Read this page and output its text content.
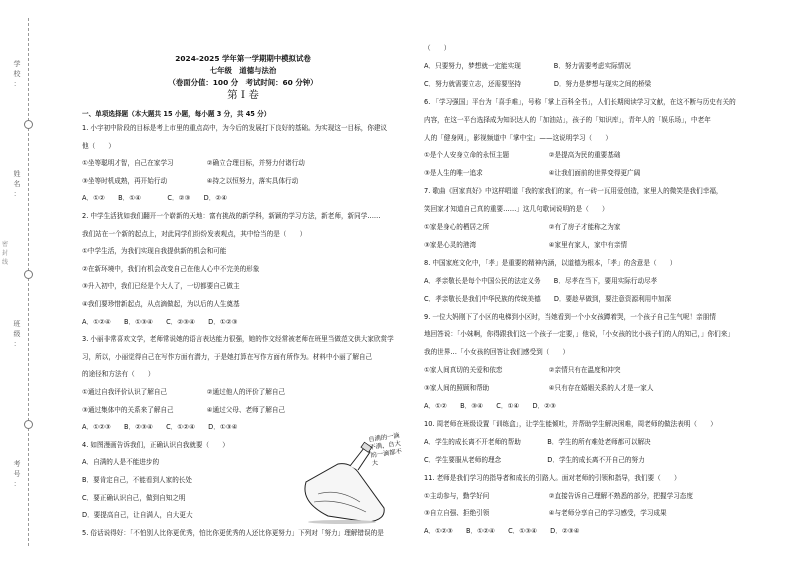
学
校
：
姓
名
：
班
级
：
考
号
：
密 封 线
2024-2025 学年第一学期期中模拟试卷
七年级　道德与法治
（卷面分值：100 分　考试时间：60 分钟）
第 I 卷
一、单项选择题（本大题共 15 小题，每小题 3 分，共 45 分）
1. 小宇初中阶段的目标是考上市里的重点高中，为今后的发展打下良好的基础。为实现这一目标，你建议
他（　　）
①坐等聪明才智，自己在家学习　　　　　②确立合理目标，并努力付诸行动
③坐等时机成熟，再开始行动　　　　　　④持之以恒努力，落实具体行动
A．①②　　B．①④　　　　C．②③　　D．②④
2. 中学生活犹如我们翻开一个崭新的天地：富有挑战的新学科，新颖的学习方法，新老师，新同学……
我们站在一个新的起点上，对此同学们纷纷发表观点，其中恰当的是（　　）
①中学生活，为我们实现自我提供新的机会和可能
②在新环境中，我们有机会改变自己在他人心中不完美的形象
③升入初中，我们已经是个大人了，一切都要自己做主
④我们要珍惜新起点，从点滴做起，为以后的人生奠基
A．①②④　　B．①③④　　C．②③④　　D．①②③
3. 小丽非常喜欢文学，老师常说她的语言表达能力很强，她的作文经常被老师在班里当做范文供大家欣赏学
习，所以，小丽觉得自己在写作方面有潜力，于是她打算在写作方面有所作为。材料中小丽了解自己
的途径和方法有（　　）
①通过自我评价认识了解自己　　　　　　②通过他人的评价了解自己
③通过集体中的关系来了解自己　　　　　④通过父母、老师了解自己
A．①②③　　B．②③④　　C．①②④　　D．①③④
4. 如图漫画告诉我们，正确认识自我就要（　　）
A．自满的人是不能进步的
B．要肯定自己，不能看到人家的长处
C．要正确认识自己，做到自知之明
D．要提高自己，让自满人，自大更大
5. 俗话说得好：「不怕别人比你更优秀，怕比你更优秀的人还比你更努力」下列对「努力」理解错误的是
自满的一滴不满，自大的一滴都不大
（　　）
A．只要努力，梦想就一定能实现　　　　　B．努力需要考虑实际情况
C．努力就需要立志，还需要坚持　　　　　D．努力是梦想与现实之间的桥梁
6. 「学习强国」平台为「喜手难」，号称「掌上百科全书」，人们长期阅读学习文献，在这不断与历史有关的
内容，在这一平台选择成为知识达人的「加油站」，孩子的「知识库」，青年人的「娱乐场」，中老年
人的「健身网」，影视频道中「掌中宝」——这说明学习（　　）
①是个人安身立命的永恒主题　　　　　　②是提高为民的重要基础
③是人生的唯一追求　　　　　　　　　　④让我们面前的世界变得更广阔
7. 歌曲《回家真好》中这样唱道「我的家我们的家，有一砖一瓦用爱创造，家里人的微笑是我们幸福，
笑回家才知道自己真的重要……」这几句歌词说明的是（　　）
①家是身心的栖居之所　　　　　　　　　②有了房子才能称之为家
③家是心灵的港湾　　　　　　　　　　　④家里有家人，家中有亲情
8. 中国家庭文化中，「孝」是重要的精神内涵，以道德为根本，「孝」的含意是（　　）
A．孝亲敬长是每个中国公民的法定义务　　B．尽孝在当下，要用实际行动尽孝
C．孝亲敬长是我们中华民族的传统美德　　D．要趁早做到，要注意资源利用中加深
9. 一位大妈刚下了小区的电梯到小区时，当她看到一个小女孩蹲着哭，一个孩子自己生气呢！亲朋情
地回答说：「小妹啊，你得跟我们这一个孩子一定要，」他说，「小女孩的比小孩子们的人的知己，」你们来」
我的世界…「小女孩的回答让我们感受到（　　）
①家人间真切的关爱和依恋　　　　　　　②亲情只有在温度和冲突
③家人间的照顾和帮助　　　　　　　　　④只有存在婚姻关系的人才是一家人
A．①②　　B．③④　　C．①④　　D．②③
10. 周老师在班级设置「训练盒」，让学生能倾吐，并帮助学生解决困难，周老师的做法表明（　　）
A．学生的成长离不开老师的帮助　　　　B．学生的所有难处老师都可以解决
C．学生要服从老师的理念　　　　　　　D．学生的成长离不开自己的努力
11. 老师是我们学习的指导者和成长的引路人。面对老师的引领和指导，我们要（　　）
①主动参与，勤学好问　　　　　　　　　②直接告诉自己理解不熟悉的部分，把握学习态度
③自立自强、拒绝引领　　　　　　　　　④与老师分享自己的学习感受，学习成果
A．①②③　　B．①②④　　C．①③④　　D．②③④
